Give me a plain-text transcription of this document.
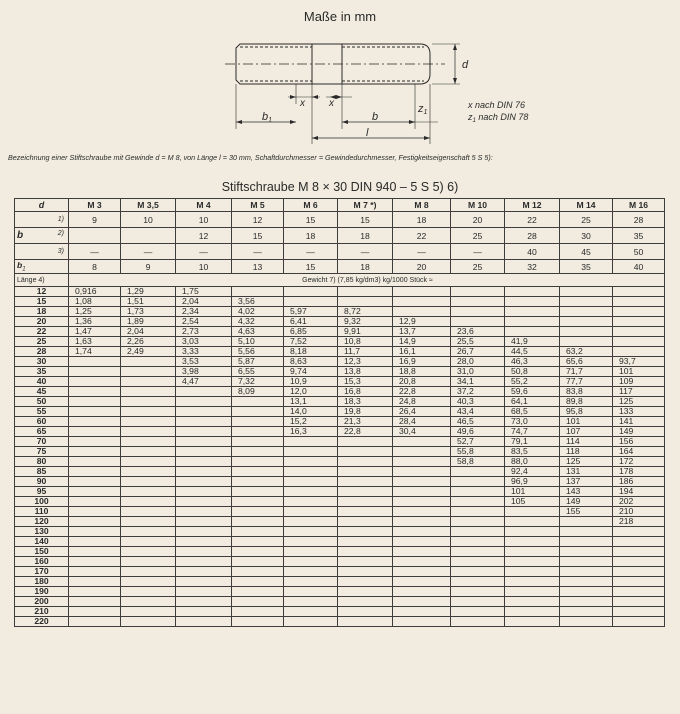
Maße in mm
d
x x
b1	b
z1
l
x nach DIN 76
$z_1$ nach DIN 78
Bezeichnung einer Stiftschraube mit Gewinde d = M 8, von Länge l = 30 mm, Schaftdurchmesser = Gewindedurchmesser, Festigkeitseigenschaft 5 S 5):
Stiftschraube M 8 × 30 DIN 940 – 5 S 5) 6)
d	M 3	M 3,5	M 4	M 5	M 6	M 7 *)	M 8	M 10	M 12	M 14	M 16

1)	9	10	10	12	15	15	18	20	22	25	28
b 2)			12	15	18	18	22	25	28	30	35

3)	—	—	—	—	—	—	—	—	40	45	50
$b_1$	8	9	10	13	15	18	20	25	32	35	40
Länge 4)	Gewicht 7) (7,85 kg/dm3) kg/1000 Stück ≈										
12	0,916	1,29	1,75								
15	1,08	1,51	2,04	3,56							
18	1,25	1,73	2,34	4,02	5,97	8,72					
20	1,36	1,89	2,54	4,32	6,41	9,32	12,9				
22	1,47	2,04	2,73	4,63	6,85	9,91	13,7	23,6			
25	1,63	2,26	3,03	5,10	7,52	10,8	14,9	25,5	41,9		
28	1,74	2,49	3,33	5,56	8,18	11,7	16,1	26,7	44,5	63,2	
30			3,53	5,87	8,63	12,3	16,9	28,0	46,3	65,6	93,7
35			3,98	6,55	9,74	13,8	18,8	31,0	50,8	71,7	101
40			4,47	7,32	10,9	15,3	20,8	34,1	55,2	77,7	109
45				8,09	12,0	16,8	22,8	37,2	59,6	83,8	117
50					13,1	18,3	24,8	40,3	64,1	89,8	125
55					14,0	19,8	26,4	43,4	68,5	95,8	133
60					15,2	21,3	28,4	46,5	73,0	101	141
65					16,3	22,8	30,4	49,6	74,7	107	149
70								52,7	79,1	114	156
75								55,8	83,5	118	164
80								58,8	88,0	125	172
85									92,4	131	178
90									96,9	137	186
95									101	143	194
100									105	149	202
110										155	210
120											218
130											
140											
150											
160											
170											
180											
190											
200											
210											
220											
